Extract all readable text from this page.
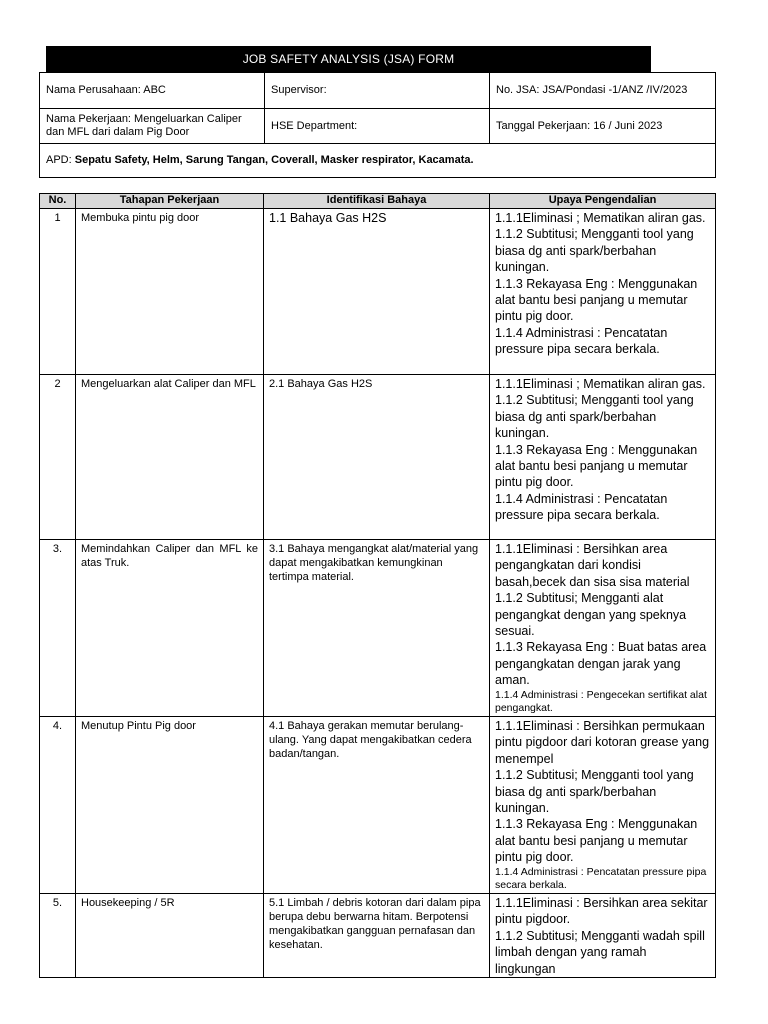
JOB SAFETY ANALYSIS (JSA) FORM
Nama Perusahaan: ABC	Supervisor:	No. JSA: JSA/Pondasi -1/ANZ /IV/2023
Nama Pekerjaan: Mengeluarkan Caliper dan MFL dari dalam Pig Door	HSE Department:	Tanggal Pekerjaan: 16 / Juni 2023
APD: Sepatu Safety, Helm, Sarung Tangan, Coverall, Masker respirator, Kacamata.		
No.	Tahapan Pekerjaan	Identifikasi Bahaya	Upaya Pengendalian
1	Membuka pintu pig door	1.1 Bahaya Gas H2S	1.1.1Eliminasi ; Mematikan aliran gas.
1.1.2 Subtitusi; Mengganti tool yang biasa dg anti spark/berbahan kuningan.
1.1.3 Rekayasa Eng : Menggunakan alat bantu besi panjang u memutar pintu pig door.
1.1.4 Administrasi : Pencatatan pressure pipa secara berkala.

2	Mengeluarkan alat Caliper dan MFL	2.1 Bahaya Gas H2S	1.1.1Eliminasi ; Mematikan aliran gas.
1.1.2 Subtitusi; Mengganti tool yang biasa dg anti spark/berbahan kuningan.
1.1.3 Rekayasa Eng : Menggunakan alat bantu besi panjang u memutar pintu pig door.
1.1.4 Administrasi : Pencatatan pressure pipa secara berkala.

3.	Memindahkan Caliper dan MFL ke atas Truk.	3.1 Bahaya mengangkat alat/material yang dapat mengakibatkan kemungkinan tertimpa material.	1.1.1Eliminasi : Bersihkan area pengangkatan dari kondisi basah,becek dan sisa sisa material
1.1.2 Subtitusi; Mengganti alat pengangkat dengan yang speknya sesuai.
1.1.3 Rekayasa Eng : Buat batas area pengangkatan dengan jarak yang aman.
1.1.4 Administrasi : Pengecekan sertifikat alat pengangkat.

4.	Menutup Pintu Pig door	4.1 Bahaya gerakan memutar berulang-ulang. Yang dapat mengakibatkan cedera badan/tangan.	1.1.1Eliminasi : Bersihkan permukaan pintu pigdoor dari kotoran grease yang menempel
1.1.2 Subtitusi; Mengganti tool yang biasa dg anti spark/berbahan kuningan.
1.1.3 Rekayasa Eng : Menggunakan alat bantu besi panjang u memutar pintu pig door.
1.1.4 Administrasi : Pencatatan pressure pipa secara berkala.

5.	Housekeeping / 5R	5.1 Limbah / debris kotoran dari dalam pipa berupa debu berwarna hitam. Berpotensi mengakibatkan gangguan pernafasan dan kesehatan.	1.1.1Eliminasi : Bersihkan area sekitar pintu pigdoor.
1.1.2 Subtitusi; Mengganti wadah spill limbah dengan yang ramah lingkungan
